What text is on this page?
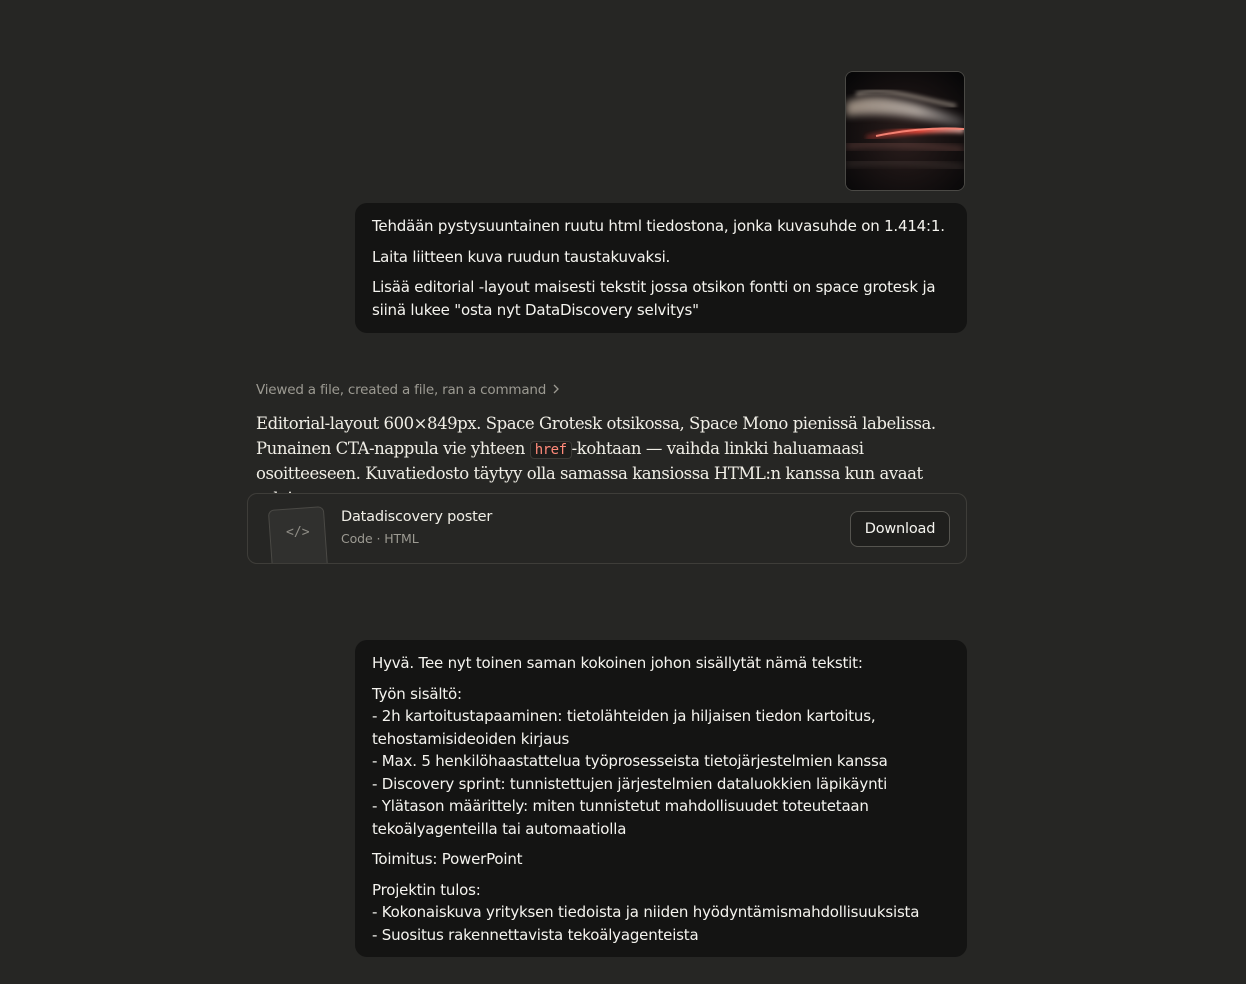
Tehdään pystysuuntainen ruutu html tiedostona, jonka kuvasuhde on 1.414:1.

Laita liitteen kuva ruudun taustakuvaksi.

Lisää editorial -layout maisesti tekstit jossa otsikon fontti on space grotesk ja siinä lukee "osta nyt DataDiscovery selvitys"

Viewed a file, created a file, ran a command
Editorial-layout 600×849px. Space Grotesk otsikossa, Space Mono pienissä labelissa. Punainen CTA-nappula vie yhteen href -kohtaan — vaihda linkki haluamaasi osoitteeseen. Kuvatiedosto täytyy olla samassa kansiossa HTML:n kanssa kun avaat
</>
Datadiscovery poster
Code · HTML
Download

Hyvä. Tee nyt toinen saman kokoinen johon sisällytät nämä tekstit:

Työn sisältö:
- 2h kartoitustapaaminen: tietolähteiden ja hiljaisen tiedon kartoitus, tehostamisideoiden kirjaus
- Max. 5 henkilöhaastattelua työprosesseista tietojärjestelmien kanssa
- Discovery sprint: tunnistettujen järjestelmien dataluokkien läpikäynti
- Ylätason määrittely: miten tunnistetut mahdollisuudet toteutetaan tekoälyagenteilla tai automaatiolla

Toimitus: PowerPoint

Projektin tulos:
- Kokonaiskuva yrityksen tiedoista ja niiden hyödyntämismahdollisuuksista
- Suositus rakennettavista tekoälyagenteista
